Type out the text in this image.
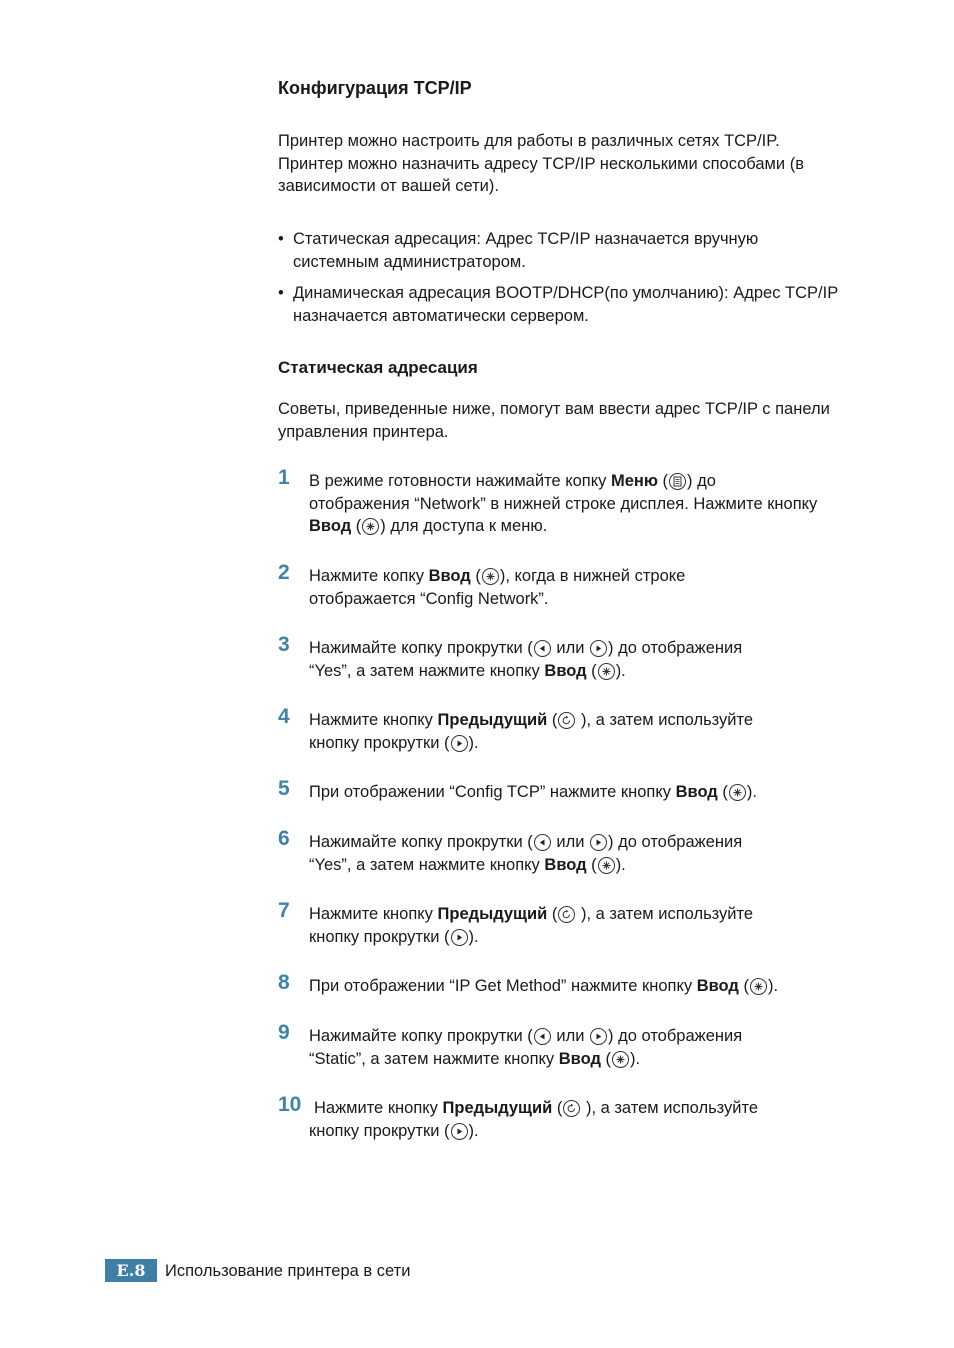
Конфигурация TCP/IP

Принтер можно настроить для работы в различных сетях TCP/IP. Принтер можно назначить адресу TCP/IP несколькими способами (в зависимости от вашей сети).

• Статическая адресация: Адрес TCP/IP назначается вручную системным администратором.
• Динамическая адресация BOOTP/DHCP(по умолчанию): Адрес TCP/IP назначается автоматически сервером.
Статическая адресация

Советы, приведенные ниже, помогут вам ввести адрес TCP/IP с панели управления принтера.

1	В режиме готовности нажимайте копку Меню ( ) до
отображения “Network” в нижней строке дисплея. Нажмите кнопку Ввод ( ) для доступа к меню.
2	Нажмите копку Ввод ( ), когда в нижней строке
отображается “Config Network”.
3	Нажимайте копку прокрутки (
или
) до отображения
“Yes”, а затем нажмите кнопку Ввод ( ).
4	Нажмите кнопку Предыдущий (
), а затем используйте
кнопку прокрутки ( ).
5	При отображении “Config TCP” нажмите кнопку Ввод ( ).
6	Нажимайте копку прокрутки (
или
) до отображения
“Yes”, а затем нажмите кнопку Ввод ( ).
7	Нажмите кнопку Предыдущий (
), а затем используйте
кнопку прокрутки ( ).
8	При отображении “IP Get Method” нажмите кнопку Ввод ( ).
9	Нажимайте копку прокрутки (
или
) до отображения
“Static”, а затем нажмите кнопку Ввод ( ).
10 Нажмите кнопку Предыдущий (
), а затем используйте
кнопку прокрутки ( ).
E.8	Использование принтера в сети
